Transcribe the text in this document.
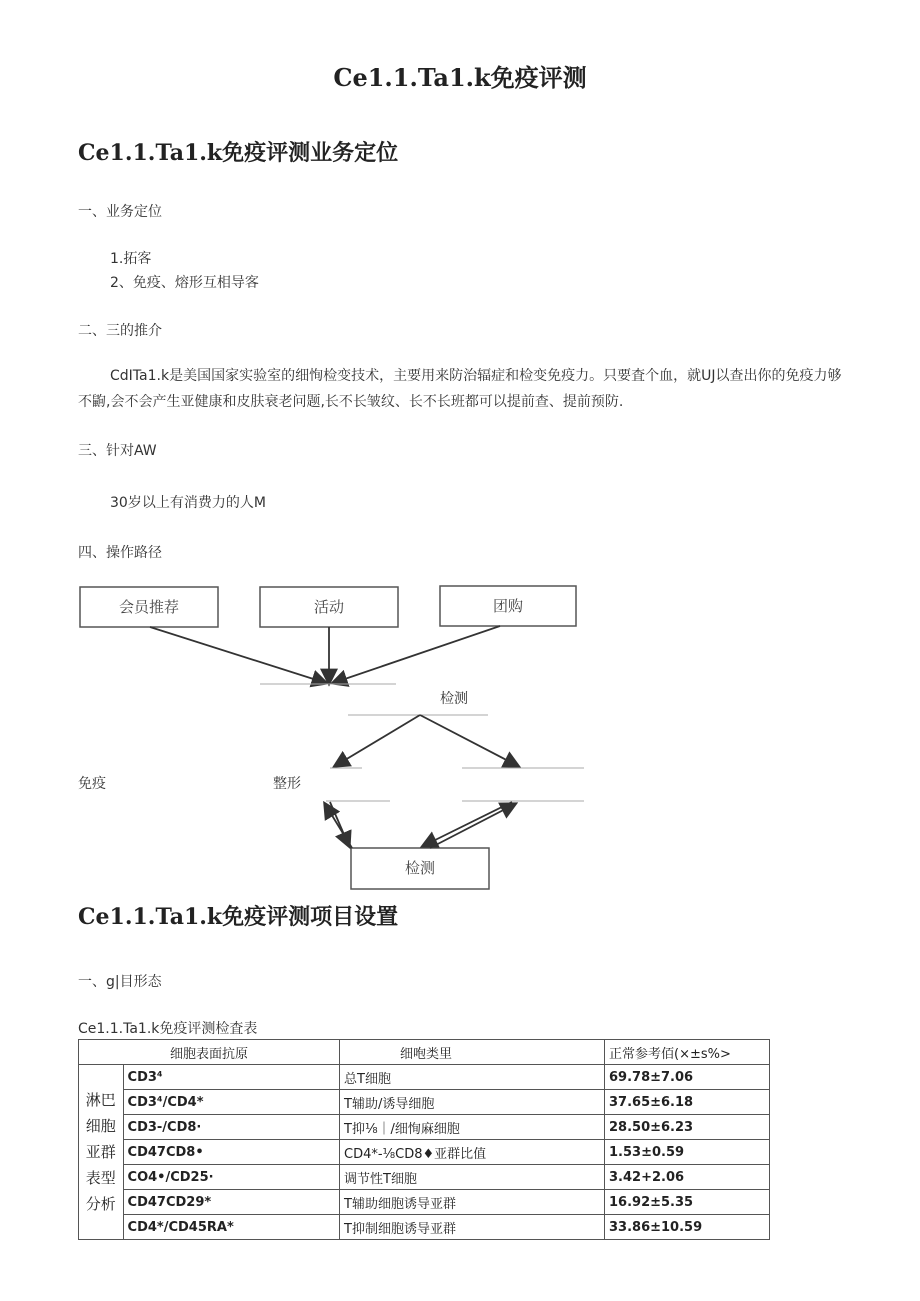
Ce1.1.Ta1.k免疫评测
Ce1.1.Ta1.k免疫评测业务定位
一、业务定位
1.拓客
2、免疫、熔形互相导客
二、三的推介
CdITa1.k是美国国家实验室的细恂检变技术，主要用来防治辐症和检变免疫力。只要査个血，就UJ以查出你的免疫力够不鼩,会不会产生亚健康和皮肤衰老问题,长不长皱纹、长不长班都可以提前查、提前预防.
三、针对AW
30岁以上有消费力的人M
四、操作路径
会员推荐	活动	团购
检测
检测
免疫	整形
Ce1.1.Ta1.k免疫评测项目设置
一、g|目形态
Ce1.1.Ta1.k免疫评测检査表
细胞表面抗原		细咆类里	正常参考佰(×±s%>
淋巴细胞亚群表型分析	CD3⁴	总T细胞	69.78±7.06
	CD3⁴/CD4*	T辅助/诱导细胞	37.65±6.18
	CD3-/CD8·	T抑⅛｜/细恂麻细胞	28.50±6.23
	CD47CD8•	CD4*-⅛CD8♦亚群比值	1.53±0.59
	CO4•/CD25·	调节性T细胞	3.42+2.06
	CD47CD29*	T辅助细胞诱导亚群	16.92±5.35
	CD4*/CD45RA*	T抑制细胞诱导亚群	33.86±10.59
